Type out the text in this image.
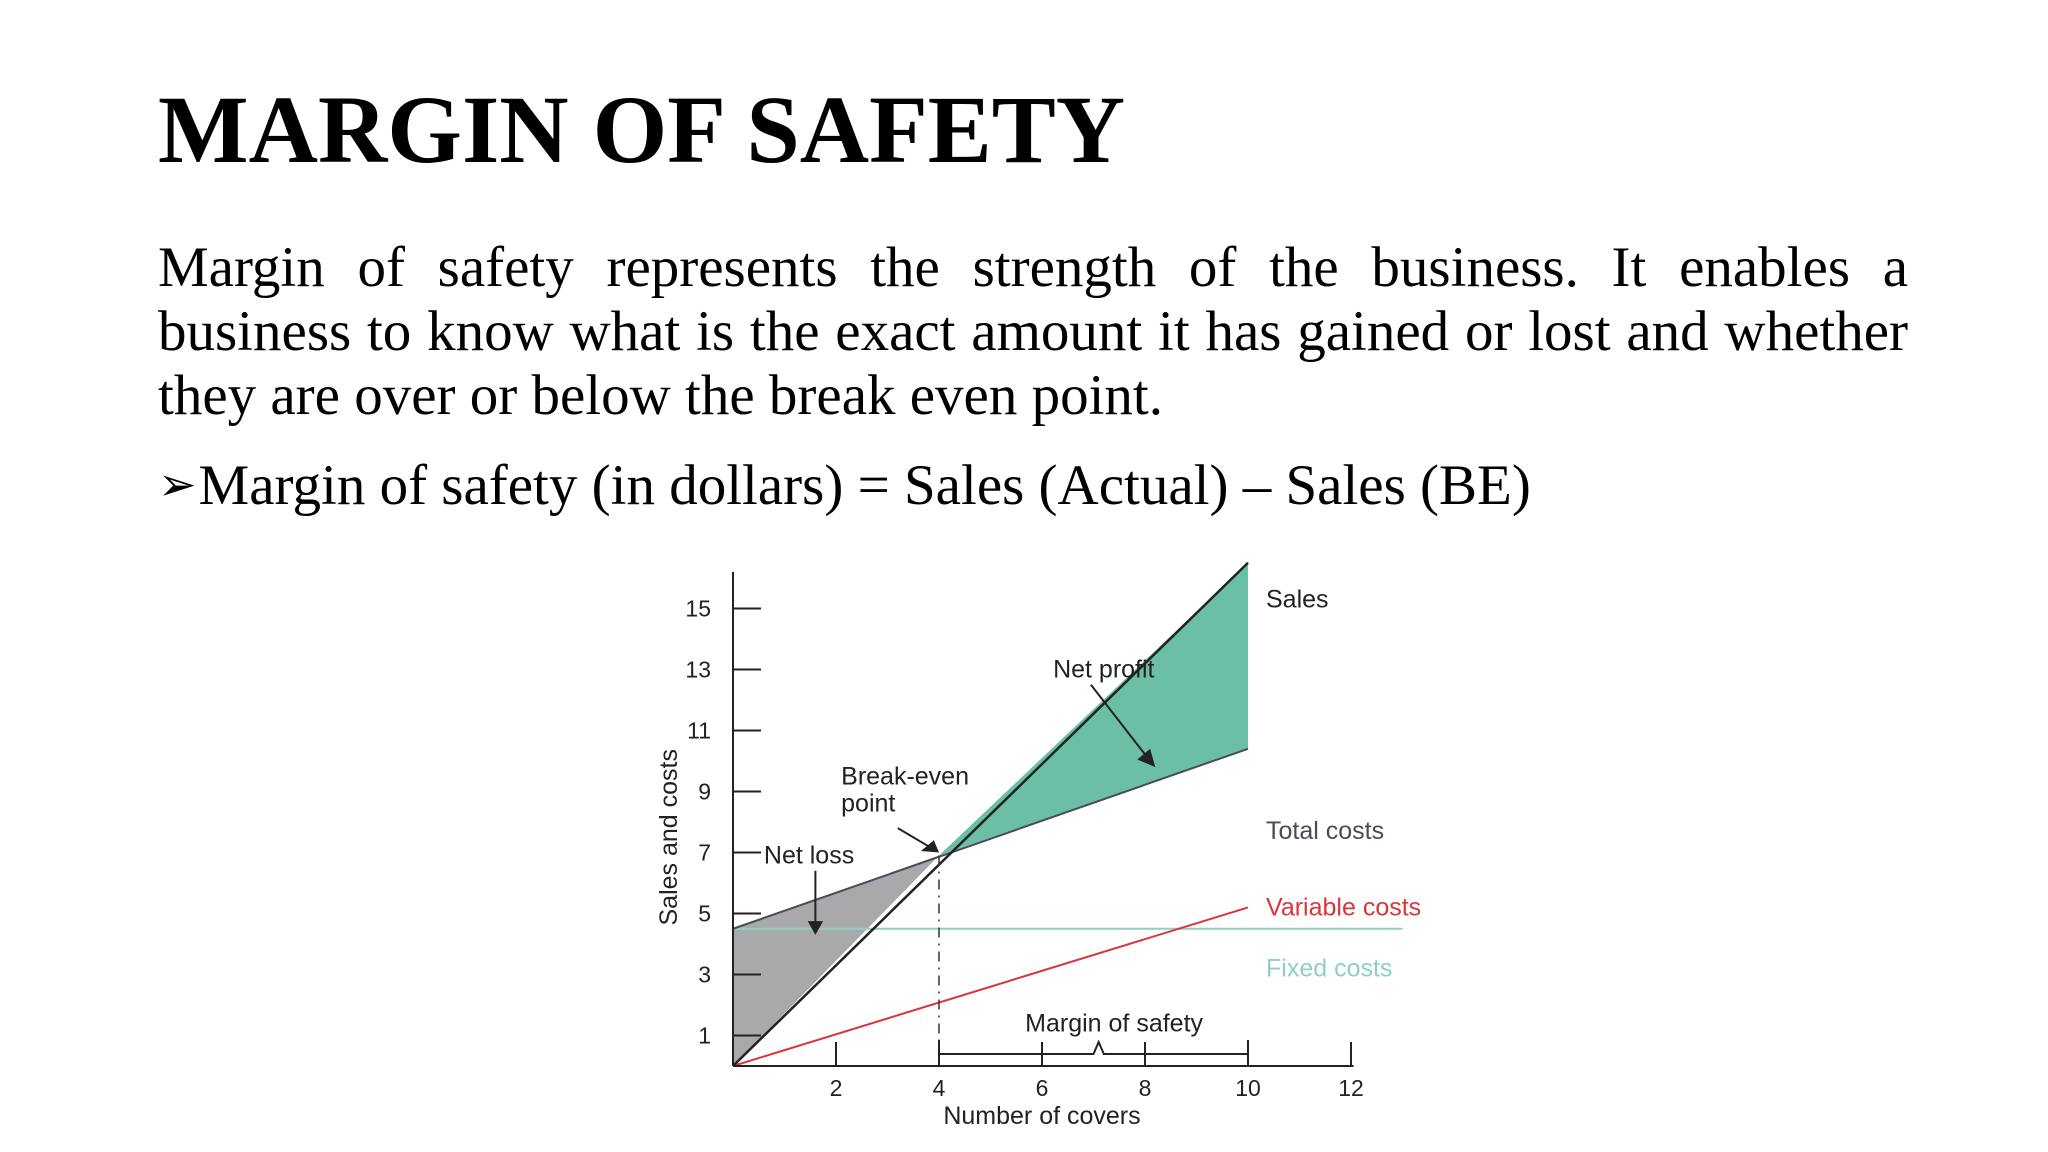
MARGIN OF SAFETY
Margin of safety represents the strength of the business. It enables a business to know what is the exact amount it has gained or lost and whether they are over or below the break even point.
➢Margin of safety (in dollars) = Sales (Actual) – Sales (BE)
1
3
5
7
9
11
13
15
2	4	6	8	10	12
Number of covers
Sales and costs
Sales
Total costs
Variable costs
Fixed costs
Net profit
Break-even
point
Net loss
Margin of safety
